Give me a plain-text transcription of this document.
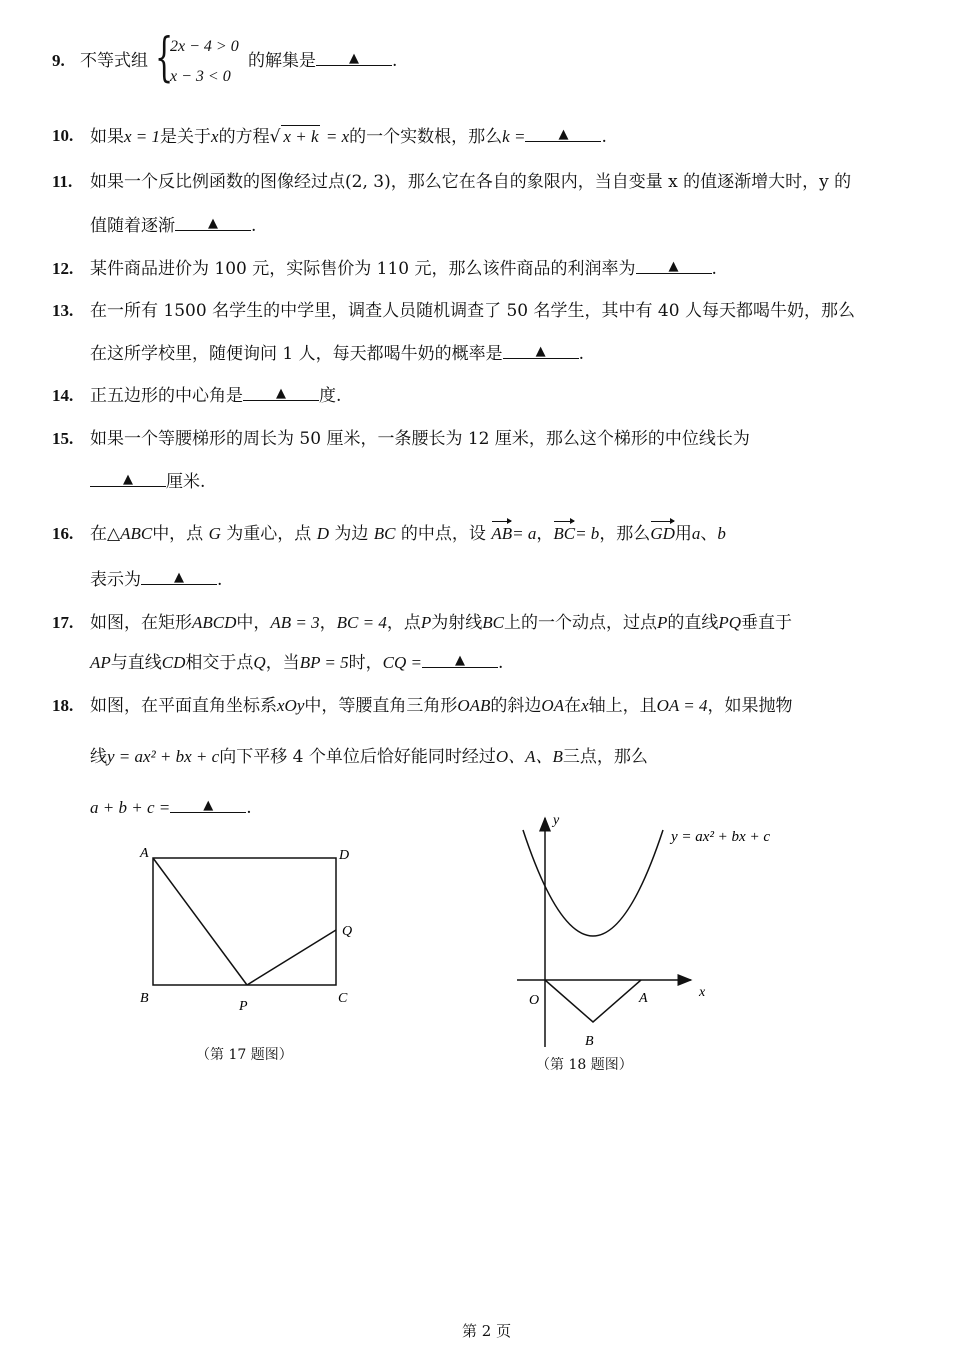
9. 不等式组 {
2x − 4 > 0
x − 3 < 0
的解集是	▲ .
10. 如果x = 1是关于x的方程√ x + k = x的一个实数根，那么k =	▲ .
11. 如果一个反比例函数的图像经过点(2, 3)，那么它在各自的象限内，当自变量 x 的值逐渐增大时，y 的
值随着逐渐	▲ .
12. 某件商品进价为 100 元，实际售价为 110 元，那么该件商品的利润率为	▲ .
13. 在一所有 1500 名学生的中学里，调查人员随机调查了 50 名学生，其中有 40 人每天都喝牛奶，那么
在这所学校里，随便询问 1 人，每天都喝牛奶的概率是	▲ .
14. 正五边形的中心角是	▲ 度.
15. 如果一个等腰梯形的周长为 50 厘米，一条腰长为 12 厘米，那么这个梯形的中位线长为
▲ 厘米.
16. 在△ABC中，点 G 为重心，点 D 为边 BC 的中点，设 AB= a，BC= b，那么GD用a、b
表示为	▲ .
17. 如图，在矩形ABCD中，AB = 3，BC = 4，点P为射线BC上的一个动点，过点P的直线PQ垂直于
AP与直线CD相交于点Q，当BP = 5时，CQ =	▲ .
18. 如图，在平面直角坐标系xOy中，等腰直角三角形OAB的斜边OA在x轴上，且OA = 4，如果抛物
线y = ax² + bx + c向下平移 4 个单位后恰好能同时经过O、A、B三点，那么
a + b + c =	▲ .
A	D
Q
B
P
C
（第 17 题图）
y
x
O	A
B
y = ax² + bx + c
（第 18 题图）
第 2 页
